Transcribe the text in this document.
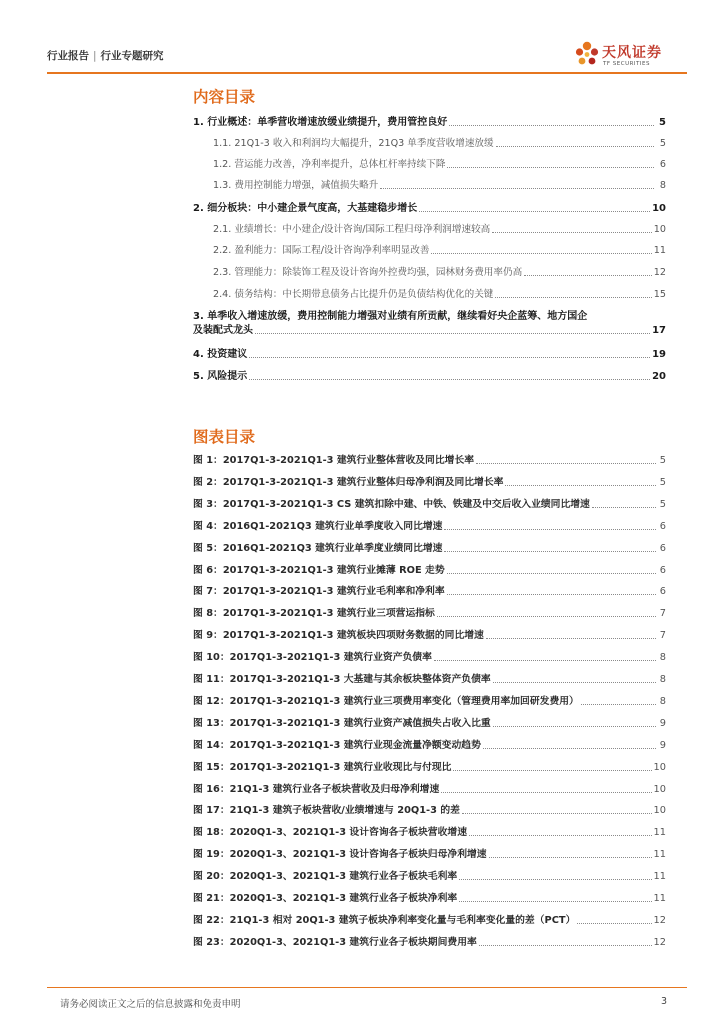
行业报告 | 行业专题研究	天风证券
TF SECURITIES
内容目录
1. 行业概述：单季营收增速放缓业绩提升，费用管控良好	5
1.1. 21Q1-3 收入和利润均大幅提升，21Q3 单季度营收增速放缓	5
1.2. 营运能力改善，净利率提升，总体杠杆率持续下降	6
1.3. 费用控制能力增强，减值损失略升	8
2. 细分板块：中小建企景气度高，大基建稳步增长	10
2.1. 业绩增长：中小建企/设计咨询/国际工程归母净利润增速较高	10
2.2. 盈利能力：国际工程/设计咨询净利率明显改善	11
2.3. 管理能力：除装饰工程及设计咨询外控费均强，园林财务费用率仍高	12
2.4. 债务结构：中长期带息债务占比提升仍是负债结构优化的关键	15
3. 单季收入增速放缓，费用控制能力增强对业绩有所贡献，继续看好央企蓝筹、地方国企
及装配式龙头	17
4. 投资建议	19
5. 风险提示	20
图表目录
图 1：2017Q1-3-2021Q1-3 建筑行业整体营收及同比增长率	5
图 2：2017Q1-3-2021Q1-3 建筑行业整体归母净利润及同比增长率	5
图 3：2017Q1-3-2021Q1-3 CS 建筑扣除中建、中铁、铁建及中交后收入业绩同比增速	5
图 4：2016Q1-2021Q3 建筑行业单季度收入同比增速	6
图 5：2016Q1-2021Q3 建筑行业单季度业绩同比增速	6
图 6：2017Q1-3-2021Q1-3 建筑行业摊薄 ROE 走势	6
图 7：2017Q1-3-2021Q1-3 建筑行业毛利率和净利率	6
图 8：2017Q1-3-2021Q1-3 建筑行业三项营运指标	7
图 9：2017Q1-3-2021Q1-3 建筑板块四项财务数据的同比增速	7
图 10：2017Q1-3-2021Q1-3 建筑行业资产负债率	8
图 11：2017Q1-3-2021Q1-3 大基建与其余板块整体资产负债率	8
图 12：2017Q1-3-2021Q1-3 建筑行业三项费用率变化（管理费用率加回研发费用）	8
图 13：2017Q1-3-2021Q1-3 建筑行业资产减值损失占收入比重	9
图 14：2017Q1-3-2021Q1-3 建筑行业现金流量净额变动趋势	9
图 15：2017Q1-3-2021Q1-3 建筑行业收现比与付现比	10
图 16：21Q1-3 建筑行业各子板块营收及归母净利增速	10
图 17：21Q1-3 建筑子板块营收/业绩增速与 20Q1-3 的差	10
图 18：2020Q1-3、2021Q1-3 设计咨询各子板块营收增速	11
图 19：2020Q1-3、2021Q1-3 设计咨询各子板块归母净利增速	11
图 20：2020Q1-3、2021Q1-3 建筑行业各子板块毛利率	11
图 21：2020Q1-3、2021Q1-3 建筑行业各子板块净利率	11
图 22：21Q1-3 相对 20Q1-3 建筑子板块净利率变化量与毛利率变化量的差（PCT）	12
图 23：2020Q1-3、2021Q1-3 建筑行业各子板块期间费用率	12
请务必阅读正文之后的信息披露和免责申明	3
